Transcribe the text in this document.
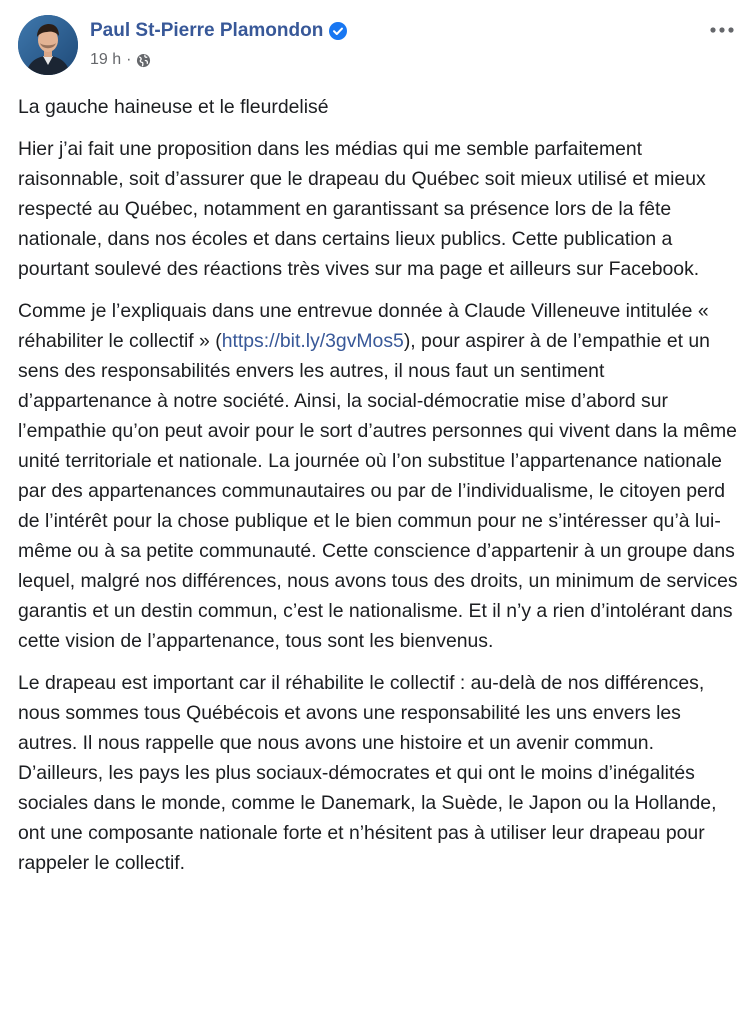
Paul St-Pierre Plamondon
19 h ·

La gauche haineuse et le fleurdelisé

Hier j’ai fait une proposition dans les médias qui me semble parfaitement raisonnable, soit d’assurer que le drapeau du Québec soit mieux utilisé et mieux respecté au Québec, notamment en garantissant sa présence lors de la fête nationale, dans nos écoles et dans certains lieux publics. Cette publication a pourtant soulevé des réactions très vives sur ma page et ailleurs sur Facebook.

Comme je l’expliquais dans une entrevue donnée à Claude Villeneuve intitulée « réhabiliter le collectif » (https://bit.ly/3gvMos5), pour aspirer à de l’empathie et un sens des responsabilités envers les autres, il nous faut un sentiment d’appartenance à notre société. Ainsi, la social-démocratie mise d’abord sur l’empathie qu’on peut avoir pour le sort d’autres personnes qui vivent dans la même unité territoriale et nationale. La journée où l’on substitue l’appartenance nationale par des appartenances communautaires ou par de l’individualisme, le citoyen perd de l’intérêt pour la chose publique et le bien commun pour ne s’intéresser qu’à lui-même ou à sa petite communauté. Cette conscience d’appartenir à un groupe dans lequel, malgré nos différences, nous avons tous des droits, un minimum de services garantis et un destin commun, c’est le nationalisme. Et il n’y a rien d’intolérant dans cette vision de l’appartenance, tous sont les bienvenus.

Le drapeau est important car il réhabilite le collectif : au-delà de nos différences, nous sommes tous Québécois et avons une responsabilité les uns envers les autres. Il nous rappelle que nous avons une histoire et un avenir commun. D’ailleurs, les pays les plus sociaux-démocrates et qui ont le moins d’inégalités sociales dans le monde, comme le Danemark, la Suède, le Japon ou la Hollande, ont une composante nationale forte et n’hésitent pas à utiliser leur drapeau pour rappeler le collectif.
